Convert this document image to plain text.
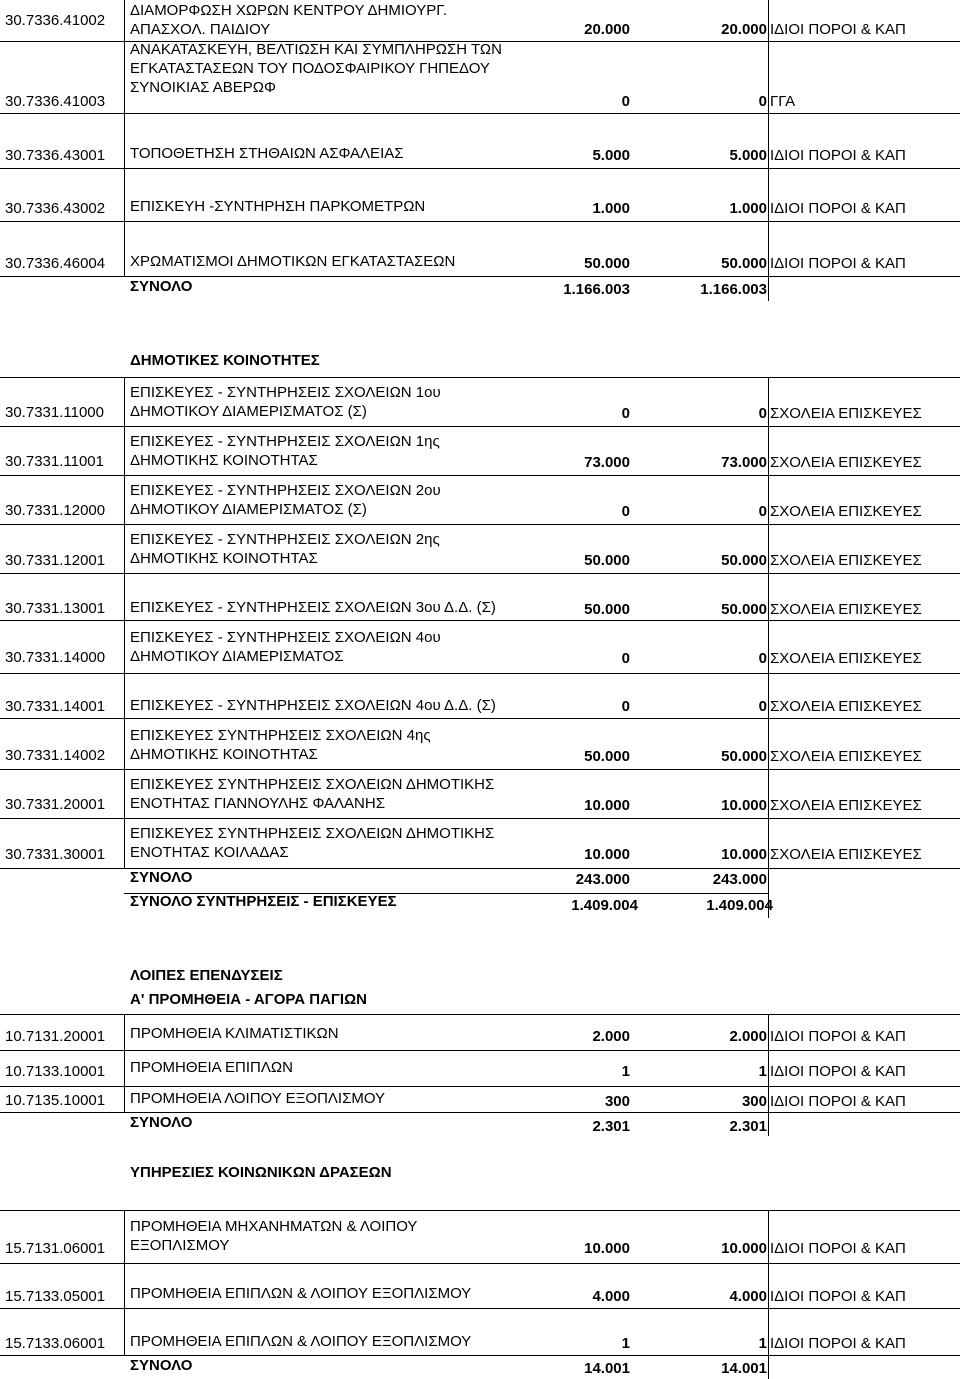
30.7336.41002
ΔΙΑΜΟΡΦΩΣΗ ΧΩΡΩΝ ΚΕΝΤΡΟΥ ΔΗΜΙΟΥΡΓ.
ΑΠΑΣΧΟΛ. ΠΑΙΔΙΟΥ	20.000	20.000 ΙΔΙΟΙ ΠΟΡΟΙ & ΚΑΠ
30.7336.41003
ΑΝΑΚΑΤΑΣΚΕΥΗ, ΒΕΛΤΙΩΣΗ ΚΑΙ ΣΥΜΠΛΗΡΩΣΗ ΤΩΝ
ΕΓΚΑΤΑΣΤΑΣΕΩΝ ΤΟΥ ΠΟΔΟΣΦΑΙΡΙΚΟΥ ΓΗΠΕΔΟΥ
ΣΥΝΟΙΚΙΑΣ ΑΒΕΡΩΦ
0	0 ΓΓΑ
30.7336.43001 ΤΟΠΟΘΕΤΗΣΗ ΣΤΗΘΑΙΩΝ ΑΣΦΑΛΕΙΑΣ	5.000	5.000 ΙΔΙΟΙ ΠΟΡΟΙ & ΚΑΠ
30.7336.43002 ΕΠΙΣΚΕΥΗ -ΣΥΝΤΗΡΗΣΗ ΠΑΡΚΟΜΕΤΡΩΝ	1.000	1.000 ΙΔΙΟΙ ΠΟΡΟΙ & ΚΑΠ
30.7336.46004 ΧΡΩΜΑΤΙΣΜΟΙ ΔΗΜΟΤΙΚΩΝ ΕΓΚΑΤΑΣΤΑΣΕΩΝ	50.000	50.000 ΙΔΙΟΙ ΠΟΡΟΙ & ΚΑΠ
ΣΥΝΟΛΟ	1.166.003	1.166.003
ΔΗΜΟΤΙΚΕΣ ΚΟΙΝΟΤΗΤΕΣ
30.7331.11000
ΕΠΙΣΚΕΥΕΣ - ΣΥΝΤΗΡΗΣΕΙΣ ΣΧΟΛΕΙΩΝ 1ου
ΔΗΜΟΤΙΚΟΥ ΔΙΑΜΕΡΙΣΜΑΤΟΣ (Σ)	0	0 ΣΧΟΛΕΙΑ ΕΠΙΣΚΕΥΕΣ
30.7331.11001
ΕΠΙΣΚΕΥΕΣ - ΣΥΝΤΗΡΗΣΕΙΣ ΣΧΟΛΕΙΩΝ 1ης
ΔΗΜΟΤΙΚΗΣ ΚΟΙΝΟΤΗΤΑΣ	73.000	73.000 ΣΧΟΛΕΙΑ ΕΠΙΣΚΕΥΕΣ
30.7331.12000
ΕΠΙΣΚΕΥΕΣ - ΣΥΝΤΗΡΗΣΕΙΣ ΣΧΟΛΕΙΩΝ 2ου
ΔΗΜΟΤΙΚΟΥ ΔΙΑΜΕΡΙΣΜΑΤΟΣ (Σ)	0	0 ΣΧΟΛΕΙΑ ΕΠΙΣΚΕΥΕΣ
30.7331.12001
ΕΠΙΣΚΕΥΕΣ - ΣΥΝΤΗΡΗΣΕΙΣ ΣΧΟΛΕΙΩΝ 2ης
ΔΗΜΟΤΙΚΗΣ ΚΟΙΝΟΤΗΤΑΣ	50.000	50.000 ΣΧΟΛΕΙΑ ΕΠΙΣΚΕΥΕΣ
30.7331.13001 ΕΠΙΣΚΕΥΕΣ - ΣΥΝΤΗΡΗΣΕΙΣ ΣΧΟΛΕΙΩΝ 3ου Δ.Δ. (Σ)	50.000	50.000 ΣΧΟΛΕΙΑ ΕΠΙΣΚΕΥΕΣ
30.7331.14000
ΕΠΙΣΚΕΥΕΣ - ΣΥΝΤΗΡΗΣΕΙΣ ΣΧΟΛΕΙΩΝ 4ου
ΔΗΜΟΤΙΚΟΥ ΔΙΑΜΕΡΙΣΜΑΤΟΣ	0	0 ΣΧΟΛΕΙΑ ΕΠΙΣΚΕΥΕΣ
30.7331.14001 ΕΠΙΣΚΕΥΕΣ - ΣΥΝΤΗΡΗΣΕΙΣ ΣΧΟΛΕΙΩΝ 4ου Δ.Δ. (Σ)	0	0 ΣΧΟΛΕΙΑ ΕΠΙΣΚΕΥΕΣ
30.7331.14002
ΕΠΙΣΚΕΥΕΣ ΣΥΝΤΗΡΗΣΕΙΣ ΣΧΟΛΕΙΩΝ 4ης
ΔΗΜΟΤΙΚΗΣ ΚΟΙΝΟΤΗΤΑΣ	50.000	50.000 ΣΧΟΛΕΙΑ ΕΠΙΣΚΕΥΕΣ
30.7331.20001
ΕΠΙΣΚΕΥΕΣ ΣΥΝΤΗΡΗΣΕΙΣ ΣΧΟΛΕΙΩΝ ΔΗΜΟΤΙΚΗΣ
ΕΝΟΤΗΤΑΣ ΓΙΑΝΝΟΥΛΗΣ ΦΑΛΑΝΗΣ	10.000	10.000 ΣΧΟΛΕΙΑ ΕΠΙΣΚΕΥΕΣ
30.7331.30001
ΕΠΙΣΚΕΥΕΣ ΣΥΝΤΗΡΗΣΕΙΣ ΣΧΟΛΕΙΩΝ ΔΗΜΟΤΙΚΗΣ
ΕΝΟΤΗΤΑΣ ΚΟΙΛΑΔΑΣ	10.000	10.000 ΣΧΟΛΕΙΑ ΕΠΙΣΚΕΥΕΣ
ΣΥΝΟΛΟ	243.000	243.000
ΣΥΝΟΛΟ ΣΥΝΤΗΡΗΣΕΙΣ - ΕΠΙΣΚΕΥΕΣ	1.409.004	1.409.004
ΛΟΙΠΕΣ ΕΠΕΝΔΥΣΕΙΣ
Α' ΠΡΟΜΗΘΕΙΑ - ΑΓΟΡΑ ΠΑΓΙΩΝ
10.7131.20001 ΠΡΟΜΗΘΕΙΑ ΚΛΙΜΑΤΙΣΤΙΚΩΝ	2.000	2.000 ΙΔΙΟΙ ΠΟΡΟΙ & ΚΑΠ
10.7133.10001 ΠΡΟΜΗΘΕΙΑ ΕΠΙΠΛΩΝ	1	1 ΙΔΙΟΙ ΠΟΡΟΙ & ΚΑΠ
10.7135.10001 ΠΡΟΜΗΘΕΙΑ ΛΟΙΠΟΥ ΕΞΟΠΛΙΣΜΟΥ	300	300 ΙΔΙΟΙ ΠΟΡΟΙ & ΚΑΠ
ΣΥΝΟΛΟ	2.301	2.301
ΥΠΗΡΕΣΙΕΣ ΚΟΙΝΩΝΙΚΩΝ ΔΡΑΣΕΩΝ
15.7131.06001
ΠΡΟΜΗΘΕΙΑ ΜΗΧΑΝΗΜΑΤΩΝ & ΛΟΙΠΟΥ
ΕΞΟΠΛΙΣΜΟΥ	10.000	10.000 ΙΔΙΟΙ ΠΟΡΟΙ & ΚΑΠ
15.7133.05001 ΠΡΟΜΗΘΕΙΑ ΕΠΙΠΛΩΝ & ΛΟΙΠΟΥ ΕΞΟΠΛΙΣΜΟΥ	4.000	4.000 ΙΔΙΟΙ ΠΟΡΟΙ & ΚΑΠ
15.7133.06001 ΠΡΟΜΗΘΕΙΑ ΕΠΙΠΛΩΝ & ΛΟΙΠΟΥ ΕΞΟΠΛΙΣΜΟΥ	1	1 ΙΔΙΟΙ ΠΟΡΟΙ & ΚΑΠ
ΣΥΝΟΛΟ	14.001	14.001
